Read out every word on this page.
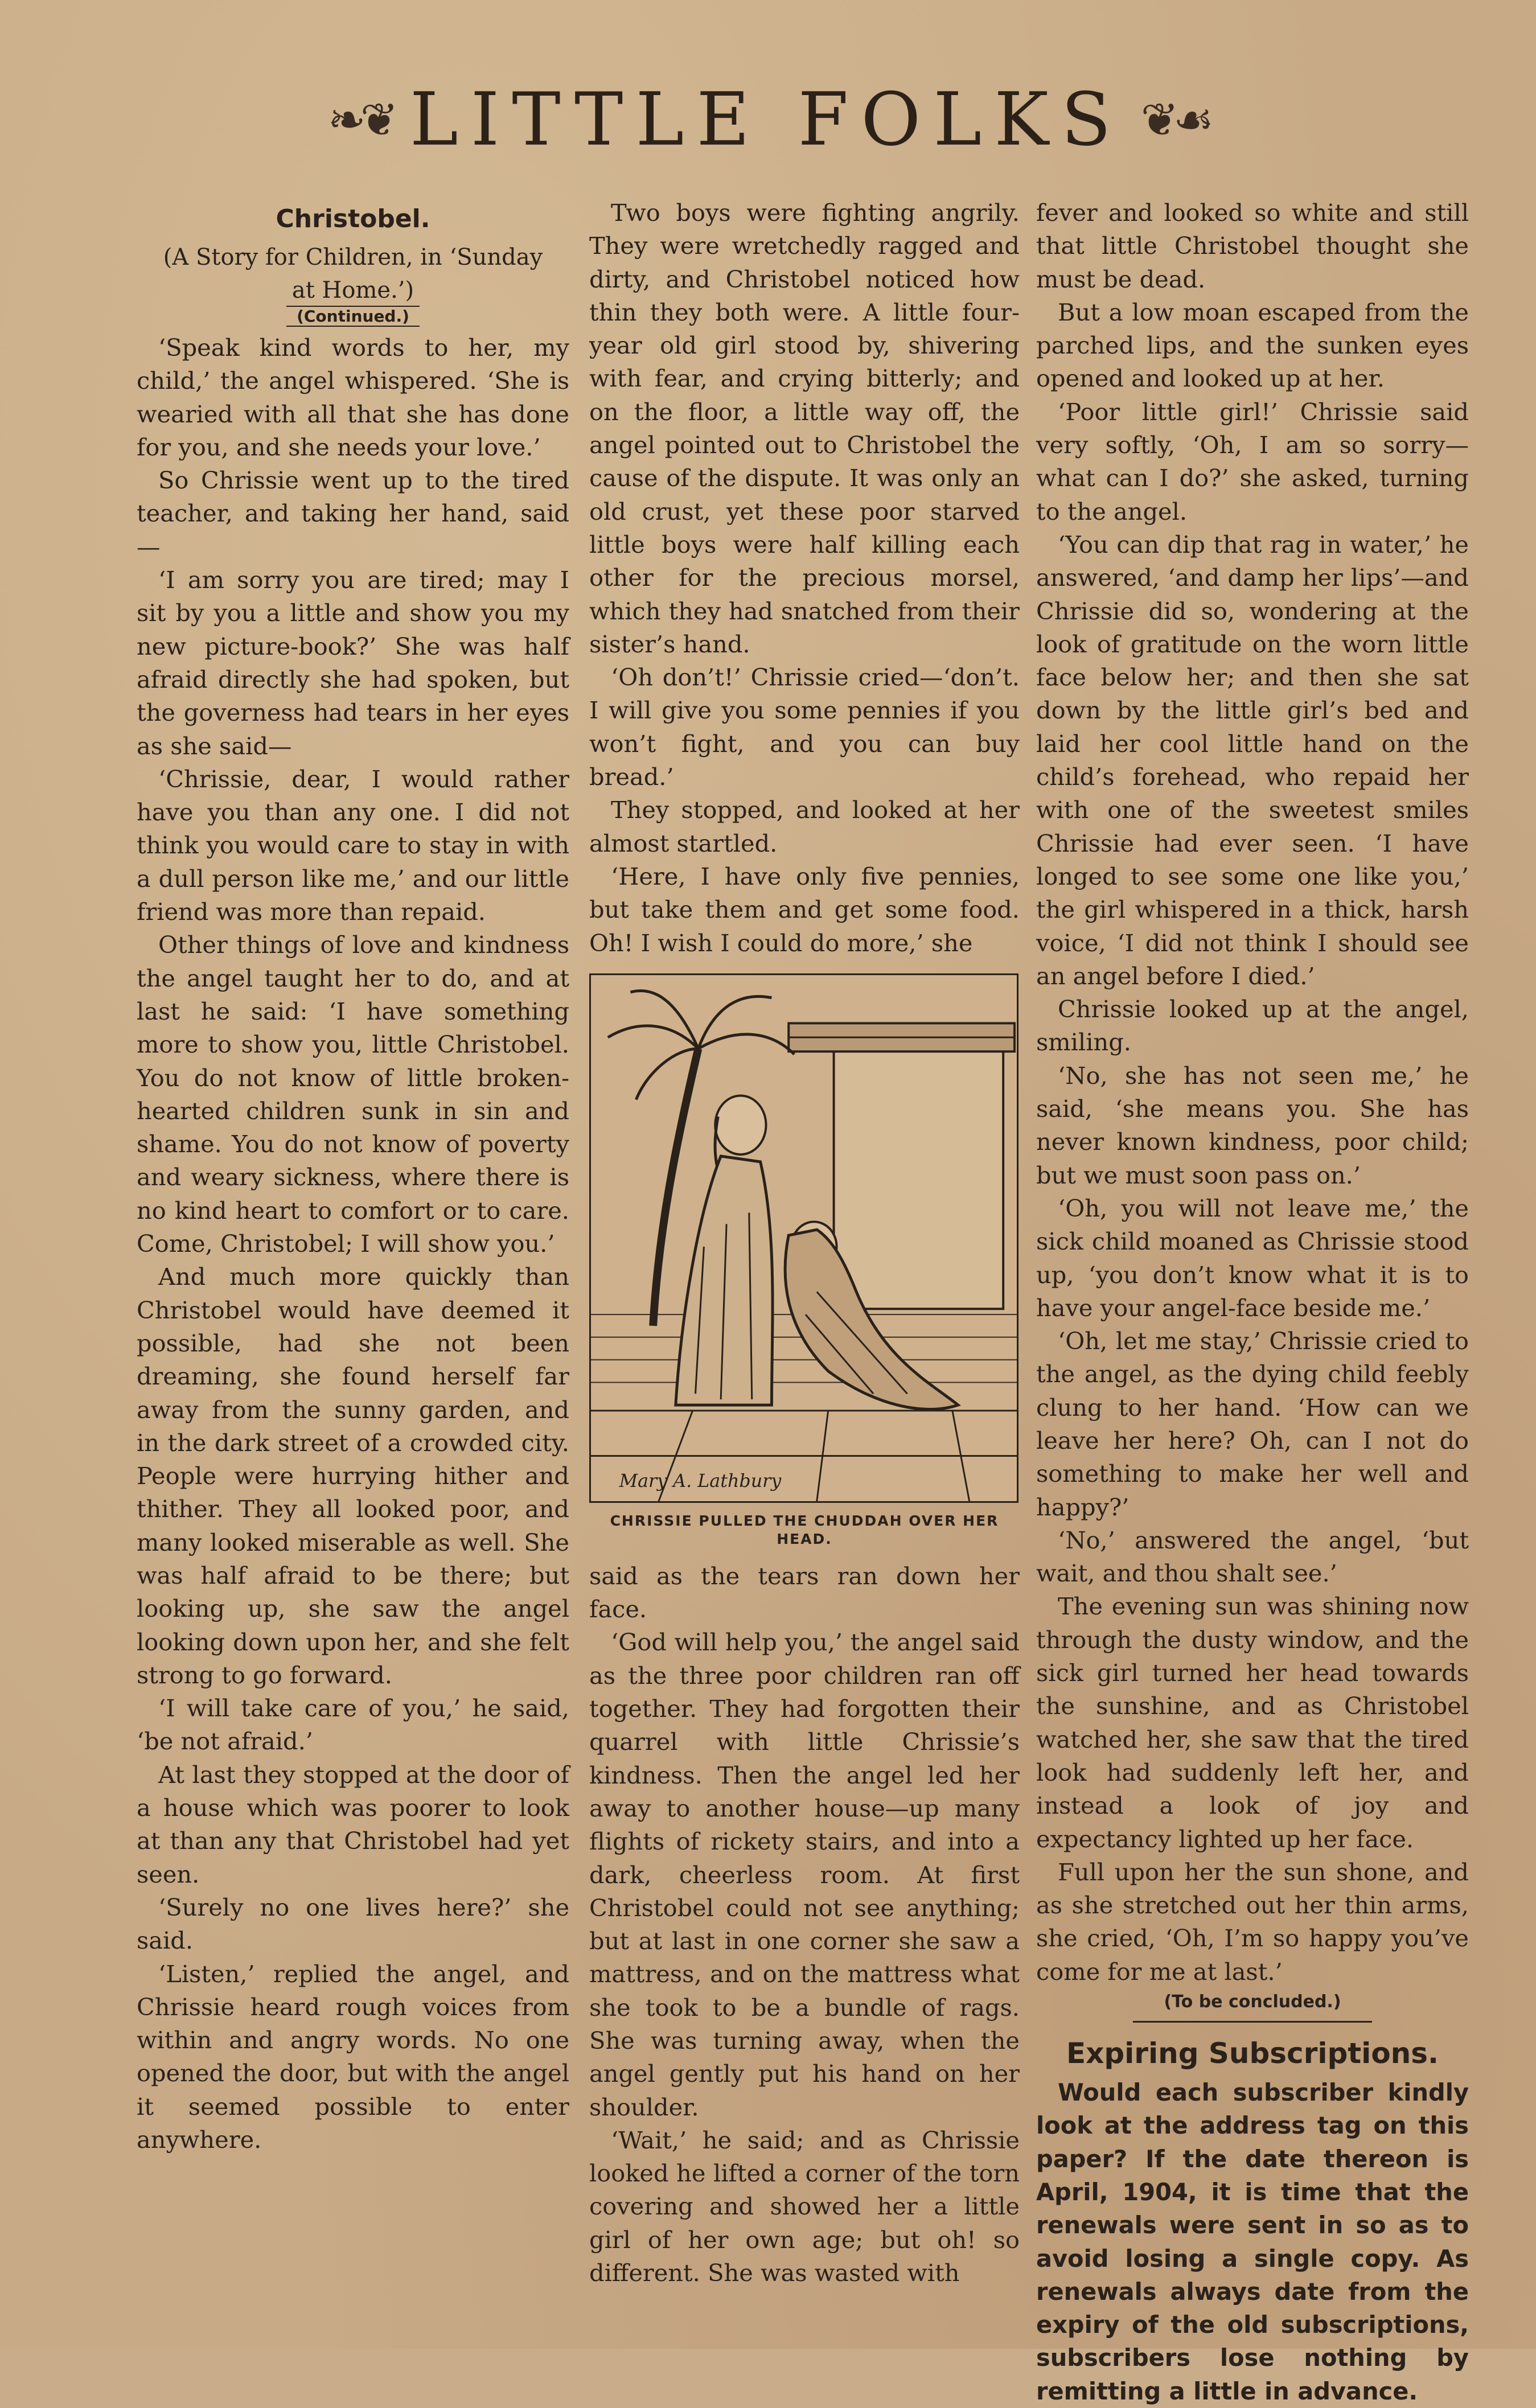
❧❦ LITTLE FOLKS ❦☙
Christobel.
(A Story for Children, in ‘Sunday at Home.’)
(Continued.)

‘Speak kind words to her, my child,’ the angel whispered. ‘She is wearied with all that she has done for you, and she needs your love.’

So Chrissie went up to the tired teacher, and taking her hand, said—

‘I am sorry you are tired; may I sit by you a little and show you my new picture-book?’ She was half afraid directly she had spoken, but the governess had tears in her eyes as she said—

‘Chrissie, dear, I would rather have you than any one. I did not think you would care to stay in with a dull person like me,’ and our little friend was more than repaid.

Other things of love and kindness the angel taught her to do, and at last he said: ‘I have something more to show you, little Christobel. You do not know of little broken-hearted children sunk in sin and shame. You do not know of poverty and weary sickness, where there is no kind heart to comfort or to care. Come, Christobel; I will show you.’

And much more quickly than Christobel would have deemed it possible, had she not been dreaming, she found herself far away from the sunny garden, and in the dark street of a crowded city. People were hurrying hither and thither. They all looked poor, and many looked miserable as well. She was half afraid to be there; but looking up, she saw the angel looking down upon her, and she felt strong to go forward.

‘I will take care of you,’ he said, ‘be not afraid.’

At last they stopped at the door of a house which was poorer to look at than any that Christobel had yet seen.

‘Surely no one lives here?’ she said.

‘Listen,’ replied the angel, and Chrissie heard rough voices from within and angry words. No one opened the door, but with the angel it seemed possible to enter anywhere.

Two boys were fighting angrily. They were wretchedly ragged and dirty, and Christobel noticed how thin they both were. A little four-year old girl stood by, shivering with fear, and crying bitterly; and on the floor, a little way off, the angel pointed out to Christobel the cause of the dispute. It was only an old crust, yet these poor starved little boys were half killing each other for the precious morsel, which they had snatched from their sister’s hand.

‘Oh don’t!’ Chrissie cried—‘don’t. I will give you some pennies if you won’t fight, and you can buy bread.’

They stopped, and looked at her almost startled.

‘Here, I have only five pennies, but take them and get some food. Oh! I wish I could do more,’ she

Mary A. Lathbury
CHRISSIE PULLED THE CHUDDAH OVER HER HEAD.

said as the tears ran down her face.

‘God will help you,’ the angel said as the three poor children ran off together. They had forgotten their quarrel with little Chrissie’s kindness. Then the angel led her away to another house—up many flights of rickety stairs, and into a dark, cheerless room. At first Christobel could not see anything; but at last in one corner she saw a mattress, and on the mattress what she took to be a bundle of rags. She was turning away, when the angel gently put his hand on her shoulder.

‘Wait,’ he said; and as Chrissie looked he lifted a corner of the torn covering and showed her a little girl of her own age; but oh! so different. She was wasted with

fever and looked so white and still that little Christobel thought she must be dead.

But a low moan escaped from the parched lips, and the sunken eyes opened and looked up at her.

‘Poor little girl!’ Chrissie said very softly, ‘Oh, I am so sorry—what can I do?’ she asked, turning to the angel.

‘You can dip that rag in water,’ he answered, ‘and damp her lips’—and Chrissie did so, wondering at the look of gratitude on the worn little face below her; and then she sat down by the little girl’s bed and laid her cool little hand on the child’s forehead, who repaid her with one of the sweetest smiles Chrissie had ever seen. ‘I have longed to see some one like you,’ the girl whispered in a thick, harsh voice, ‘I did not think I should see an angel before I died.’

Chrissie looked up at the angel, smiling.

‘No, she has not seen me,’ he said, ‘she means you. She has never known kindness, poor child; but we must soon pass on.’

‘Oh, you will not leave me,’ the sick child moaned as Chrissie stood up, ‘you don’t know what it is to have your angel-face beside me.’

‘Oh, let me stay,’ Chrissie cried to the angel, as the dying child feebly clung to her hand. ‘How can we leave her here? Oh, can I not do something to make her well and happy?’

‘No,’ answered the angel, ‘but wait, and thou shalt see.’

The evening sun was shining now through the dusty window, and the sick girl turned her head towards the sunshine, and as Christobel watched her, she saw that the tired look had suddenly left her, and instead a look of joy and expectancy lighted up her face.

Full upon her the sun shone, and as she stretched out her thin arms, she cried, ‘Oh, I’m so happy you’ve come for me at last.’

(To be concluded.)
Expiring Subscriptions.

Would each subscriber kindly look at the address tag on this paper? If the date thereon is April, 1904, it is time that the renewals were sent in so as to avoid losing a single copy. As renewals always date from the expiry of the old subscriptions, subscribers lose nothing by remitting a little in advance.
